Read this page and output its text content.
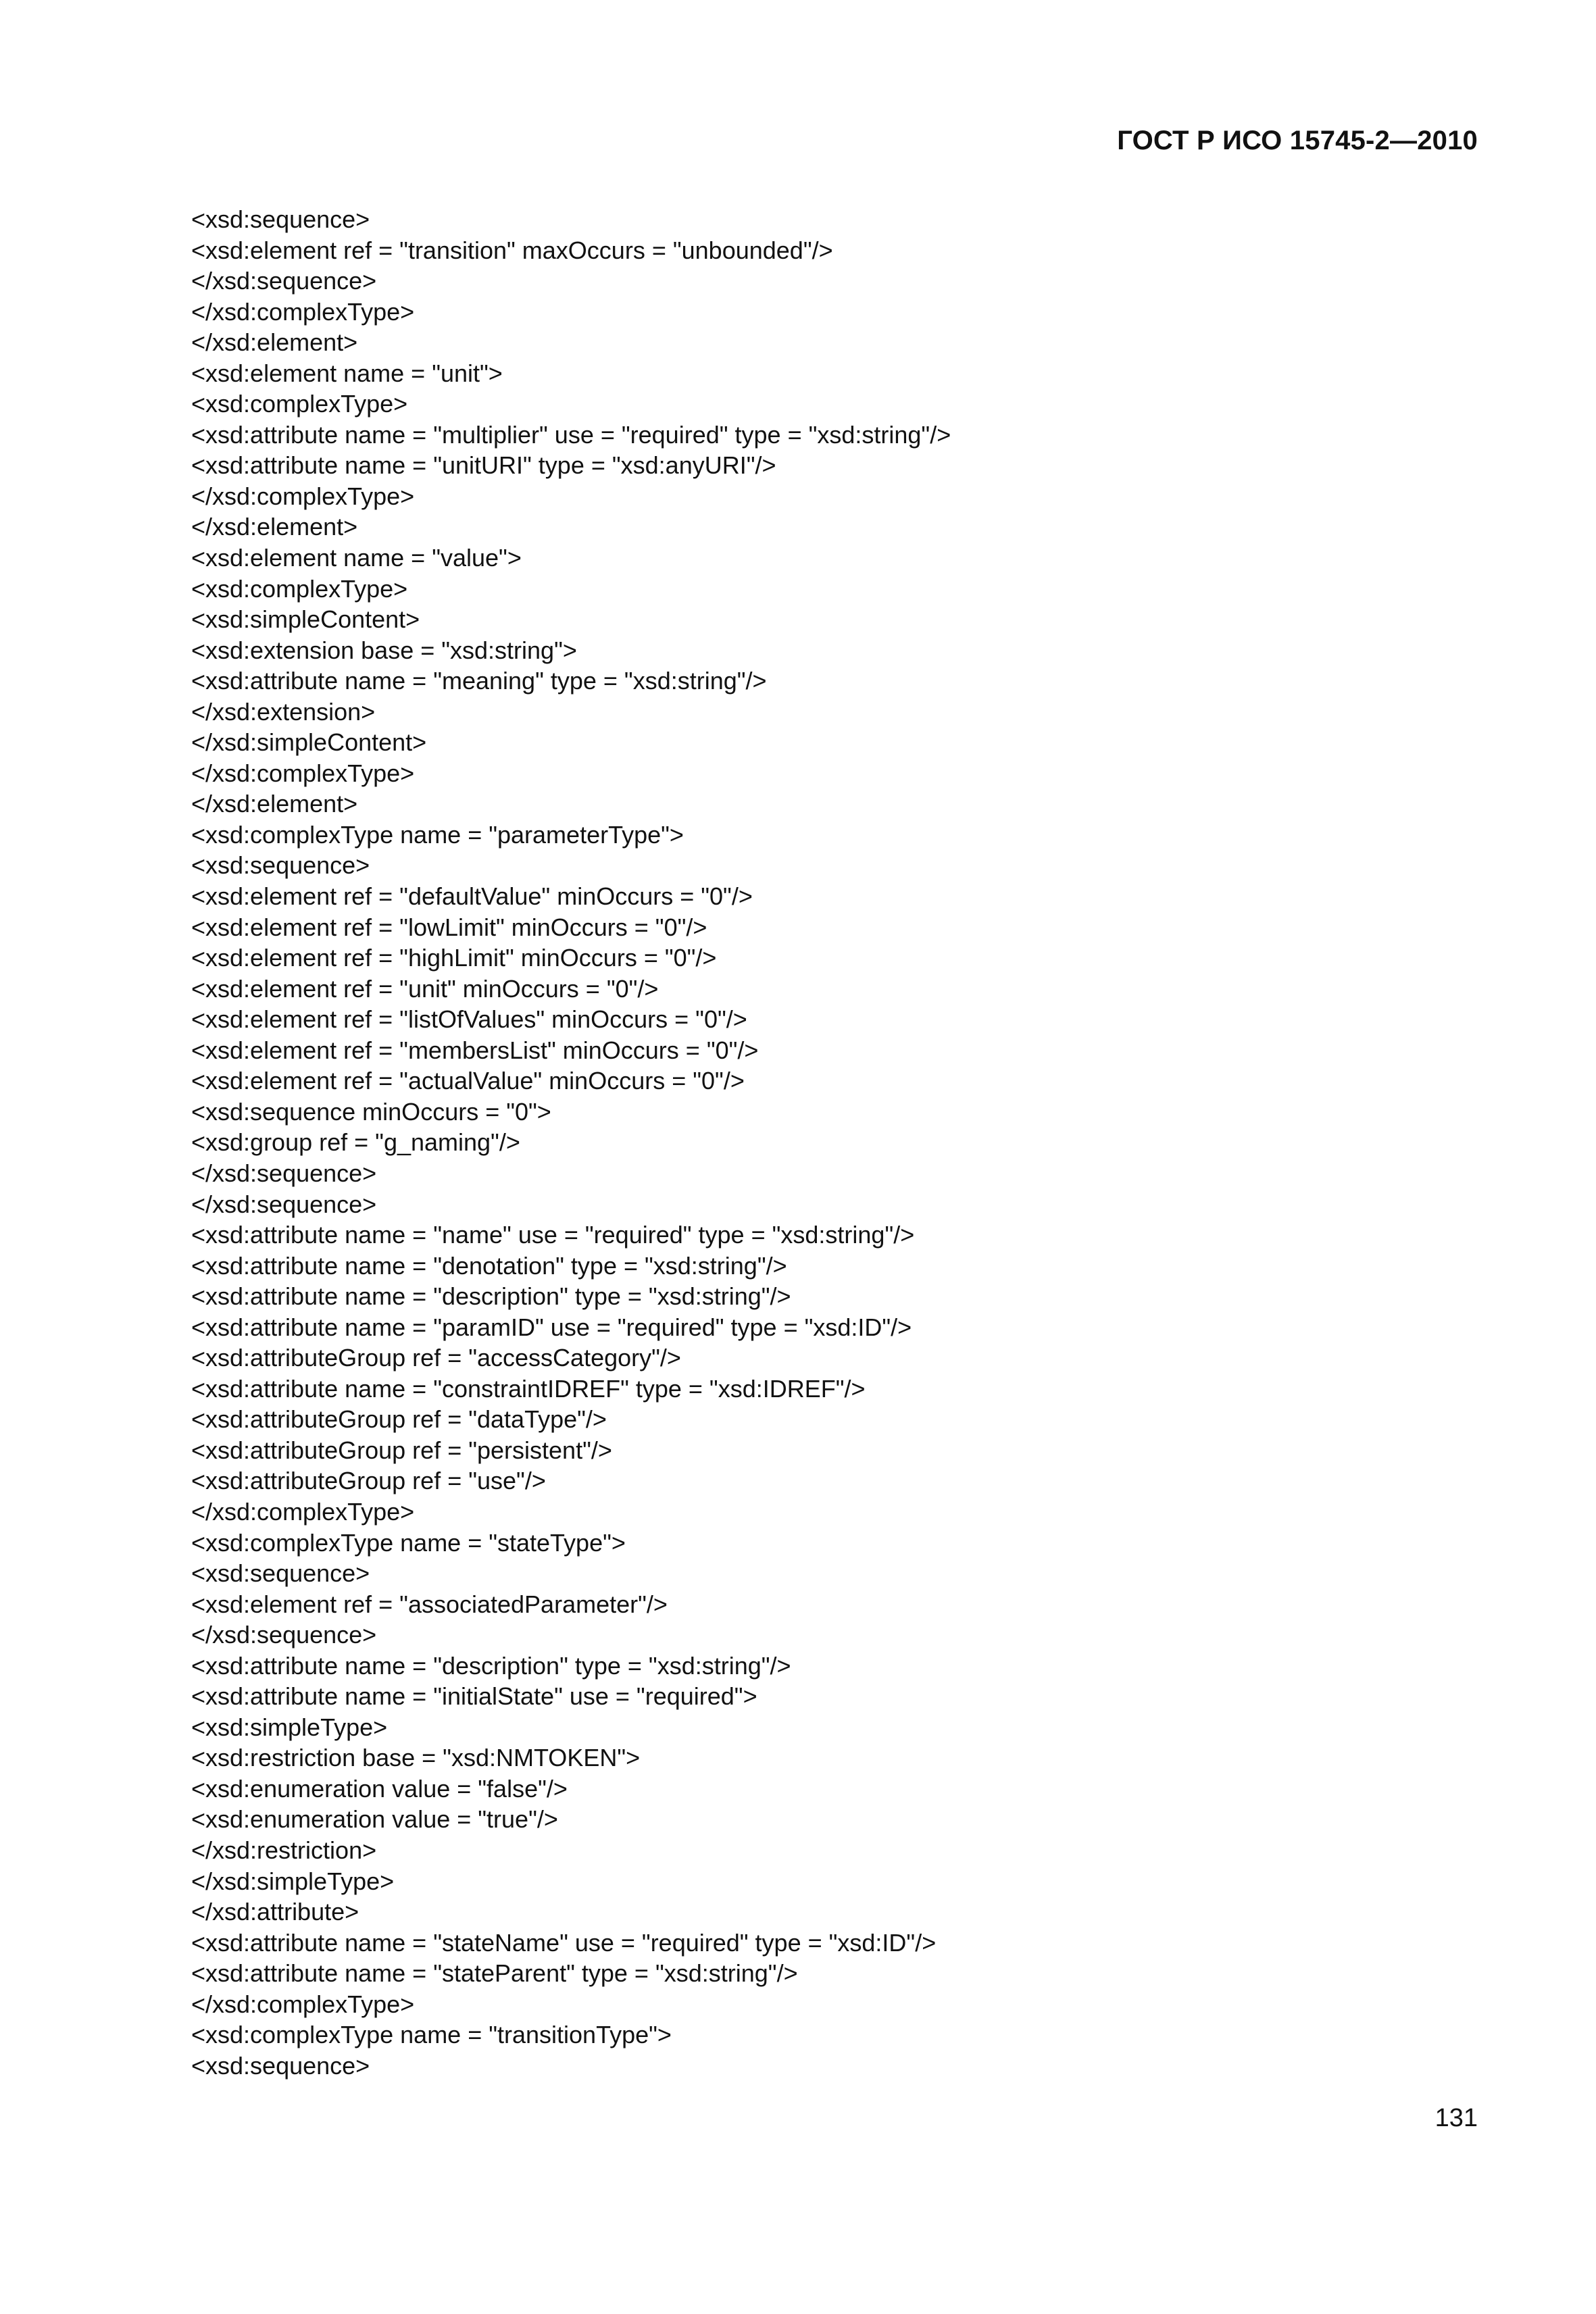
ГОСТ Р ИСО 15745-2—2010
<xsd:sequence>
<xsd:element ref = "transition" maxOccurs = "unbounded"/>
</xsd:sequence>
</xsd:complexType>
</xsd:element>
<xsd:element name = "unit">
<xsd:complexType>
<xsd:attribute name = "multiplier" use = "required" type = "xsd:string"/>
<xsd:attribute name = "unitURI" type = "xsd:anyURI"/>
</xsd:complexType>
</xsd:element>
<xsd:element name = "value">
<xsd:complexType>
<xsd:simpleContent>
<xsd:extension base = "xsd:string">
<xsd:attribute name = "meaning" type = "xsd:string"/>
</xsd:extension>
</xsd:simpleContent>
</xsd:complexType>
</xsd:element>
<xsd:complexType name = "parameterType">
<xsd:sequence>
<xsd:element ref = "defaultValue" minOccurs = "0"/>
<xsd:element ref = "lowLimit" minOccurs = "0"/>
<xsd:element ref = "highLimit" minOccurs = "0"/>
<xsd:element ref = "unit" minOccurs = "0"/>
<xsd:element ref = "listOfValues" minOccurs = "0"/>
<xsd:element ref = "membersList" minOccurs = "0"/>
<xsd:element ref = "actualValue" minOccurs = "0"/>
<xsd:sequence minOccurs = "0">
<xsd:group ref = "g_naming"/>
</xsd:sequence>
</xsd:sequence>
<xsd:attribute name = "name" use = "required" type = "xsd:string"/>
<xsd:attribute name = "denotation" type = "xsd:string"/>
<xsd:attribute name = "description" type = "xsd:string"/>
<xsd:attribute name = "paramID" use = "required" type = "xsd:ID"/>
<xsd:attributeGroup ref = "accessCategory"/>
<xsd:attribute name = "constraintIDREF" type = "xsd:IDREF"/>
<xsd:attributeGroup ref = "dataType"/>
<xsd:attributeGroup ref = "persistent"/>
<xsd:attributeGroup ref = "use"/>
</xsd:complexType>
<xsd:complexType name = "stateType">
<xsd:sequence>
<xsd:element ref = "associatedParameter"/>
</xsd:sequence>
<xsd:attribute name = "description" type = "xsd:string"/>
<xsd:attribute name = "initialState" use = "required">
<xsd:simpleType>
<xsd:restriction base = "xsd:NMTOKEN">
<xsd:enumeration value = "false"/>
<xsd:enumeration value = "true"/>
</xsd:restriction>
</xsd:simpleType>
</xsd:attribute>
<xsd:attribute name = "stateName" use = "required" type = "xsd:ID"/>
<xsd:attribute name = "stateParent" type = "xsd:string"/>
</xsd:complexType>
<xsd:complexType name = "transitionType">
<xsd:sequence>
131
